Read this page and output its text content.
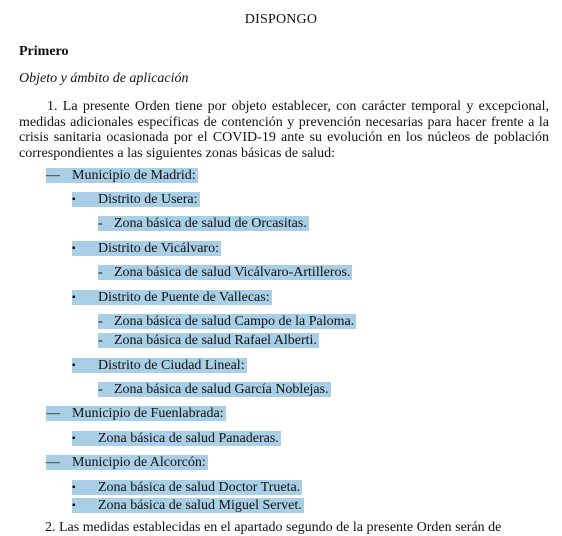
DISPONGO
Primero
Objeto y ámbito de aplicación

1. La presente Orden tiene por objeto establecer, con carácter temporal y excepcional, medidas adicionales específicas de contención y prevención necesarias para hacer frente a la crisis sanitaria ocasionada por el COVID-19 ante su evolución en los núcleos de población correspondientes a las siguientes zonas básicas de salud:

— Municipio de Madrid:
▪ Distrito de Usera:
- Zona básica de salud de Orcasitas.
▪ Distrito de Vicálvaro:
- Zona básica de salud Vicálvaro-Artilleros.
▪ Distrito de Puente de Vallecas:
- Zona básica de salud Campo de la Paloma.
- Zona básica de salud Rafael Alberti.
▪ Distrito de Ciudad Lineal:
- Zona básica de salud García Noblejas.
— Municipio de Fuenlabrada:
▪ Zona básica de salud Panaderas.
— Municipio de Alcorcón:
▪ Zona básica de salud Doctor Trueta.
▪ Zona básica de salud Miguel Servet.
2. Las medidas establecidas en el apartado segundo de la presente Orden serán de
